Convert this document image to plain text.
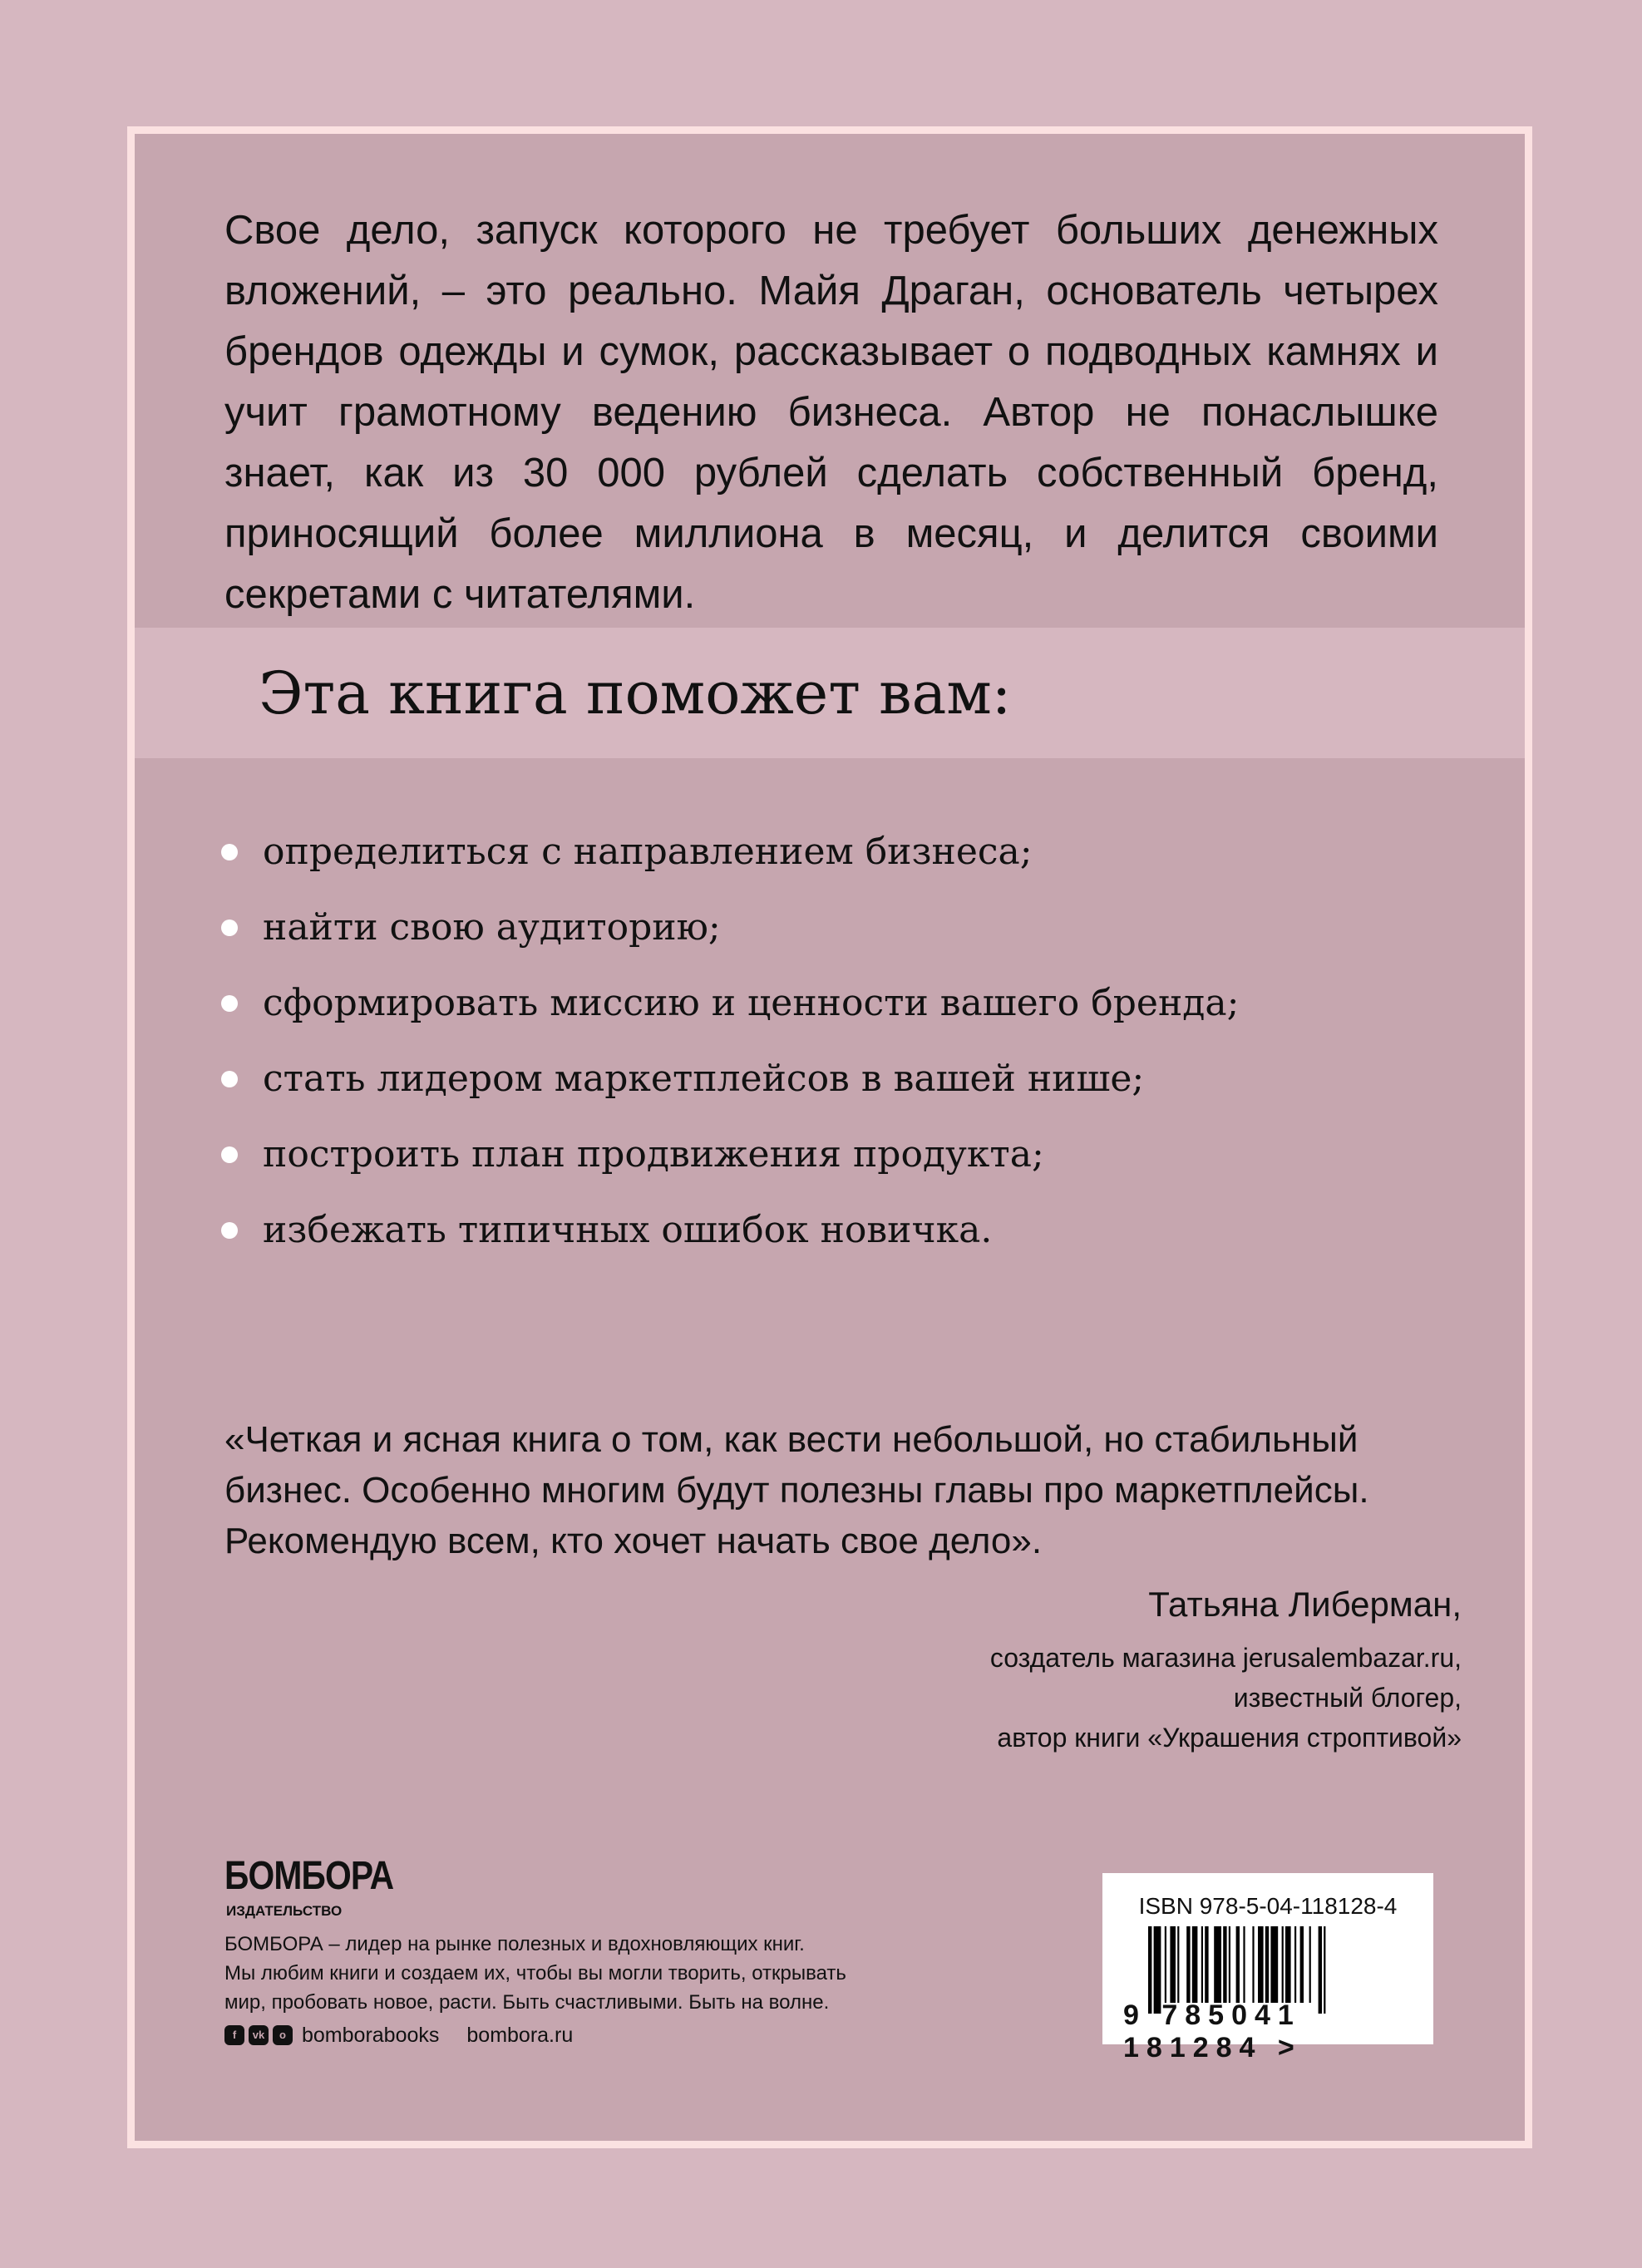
Свое дело, запуск которого не требует больших денежных вложений, – это реально. Майя Драган, основатель четырех брендов одежды и сумок, рассказывает о подводных камнях и учит грамотному ведению бизнеса. Автор не понаслышке знает, как из 30 000 рублей сделать собственный бренд, приносящий более миллиона в месяц, и делится своими секретами с читателями.
Эта книга поможет вам:
определиться с направлением бизнеса;
найти свою аудиторию;
сформировать миссию и ценности вашего бренда;
стать лидером маркетплейсов в вашей нише;
построить план продвижения продукта;
избежать типичных ошибок новичка.
«Четкая и ясная книга о том, как вести небольшой, но стабильный бизнес. Особенно многим будут полезны главы про маркетплейсы. Рекомендую всем, кто хочет начать свое дело».
Татьяна Либерман,
создатель магазина jerusalembazar.ru,
известный блогер,
автор книги «Украшения строптивой»
БОМБОРА
ИЗДАТЕЛЬСТВО
БОМБОРА – лидер на рынке полезных и вдохновляющих книг.
Мы любим книги и создаем их, чтобы вы могли творить, открывать
мир, пробовать новое, расти. Быть счастливыми. Быть на волне.
f	vk	o bomborabooks bombora.ru
ISBN 978-5-04-118128-4
9 785041 181284 >
